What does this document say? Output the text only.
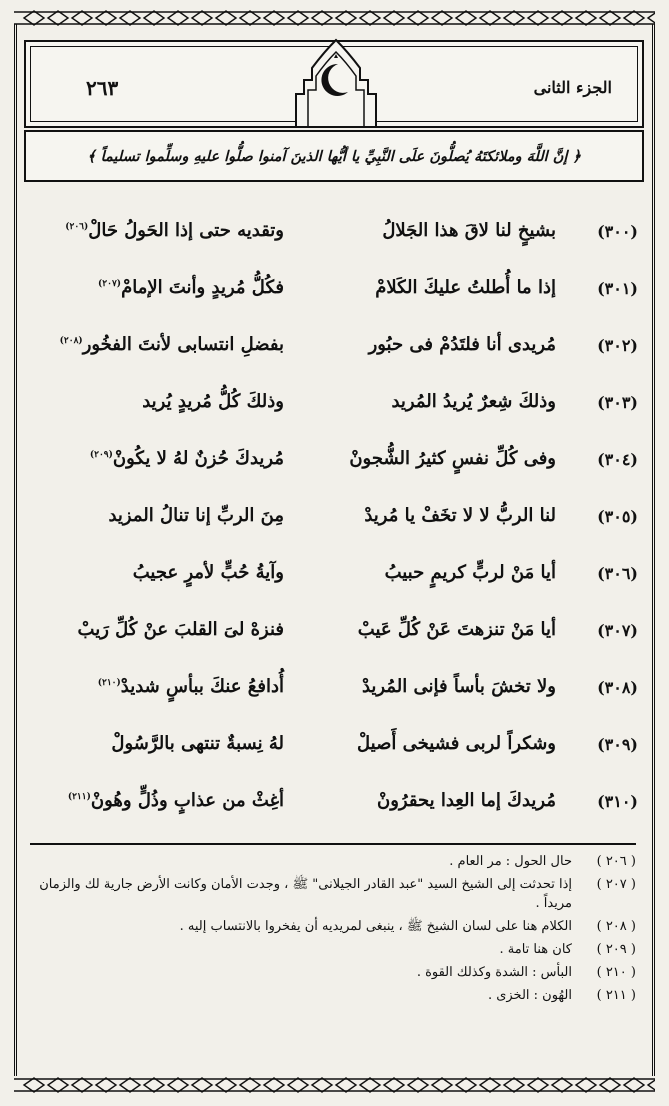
٢٦٣	الجزء الثانى
﴿ إنَّ اللَّهَ وملائكتَهُ يُصلُّونَ علَى النَّبِيِّ يا أيُّها الذينَ آمنوا صلُّوا عليهِ وسلِّموا تسليماً ﴾
(٣٠٠)
بشيخٍ لنا لاقَ هذا الجَلالُ
وتقديه حتى إذا الحَولُ حَالْ$^{(٢٠٦)}$
(٣٠١)
إذا ما أُطلتُ عليكَ الكَلامْ
فكُلُّ مُريدٍ وأنتَ الإمامْ$^{(٢٠٧)}$
(٣٠٢)
مُريدى أنا فلتَدُمْ فى حبُور
بفضلِ انتسابى لأنتَ الفخُور$^{(٢٠٨)}$
(٣٠٣)
وذلكَ شِعرٌ يُريدُ المُريد
وذلكَ كُلُّ مُريدٍ يُريد
(٣٠٤)
وفى كُلِّ نفسٍ كثيرُ الشُّجونْ
مُريدكَ حُزنٌ لهُ لا يكُونْ$^{(٢٠٩)}$
(٣٠٥)
لنا الربُّ لا لا تخَفْ يا مُريدْ
مِنَ الربِّ إنا تنالُ المزيد
(٣٠٦)
أيا مَنْ لربٍّ كريمٍ حبيبُ
وآيةُ حُبٍّ لأمرٍ عجيبُ
(٣٠٧)
أيا مَنْ تنزهتَ عَنْ كُلِّ عَيبْ
فنزهْ لىَ القلبَ عنْ كُلِّ رَيبْ
(٣٠٨)
ولا تخشَ بأساً فإنى المُريدْ
أُدافعُ عنكَ ببأسٍ شديدْ$^{(٢١٠)}$
(٣٠٩)
وشكراً لربى فشيخى أَصيلْ
لهُ نِسبةٌ تنتهى بالرَّسُولْ
(٣١٠)
مُريدكَ إما العِدا يحقرُونْ
أغِثْ من عذابٍ وذُلٍّ وهُونْ$^{(٢١١)}$
( ٢٠٦ )
حال الحول : مر العام .
( ٢٠٧ )
إذا تحدثت إلى الشيخ السيد "عبد القادر الجيلانى" ﷺ ، وجدت الأمان وكانت الأرض جارية لك والزمان مريداً .
( ٢٠٨ )
الكلام هنا على لسان الشيخ ﷺ ، ينبغى لمريديه أن يفخروا بالانتساب إليه .
( ٢٠٩ )
كان هنا تامة .
( ٢١٠ )
البأس : الشدة وكذلك القوة .
( ٢١١ )
الهُون : الخزى .
